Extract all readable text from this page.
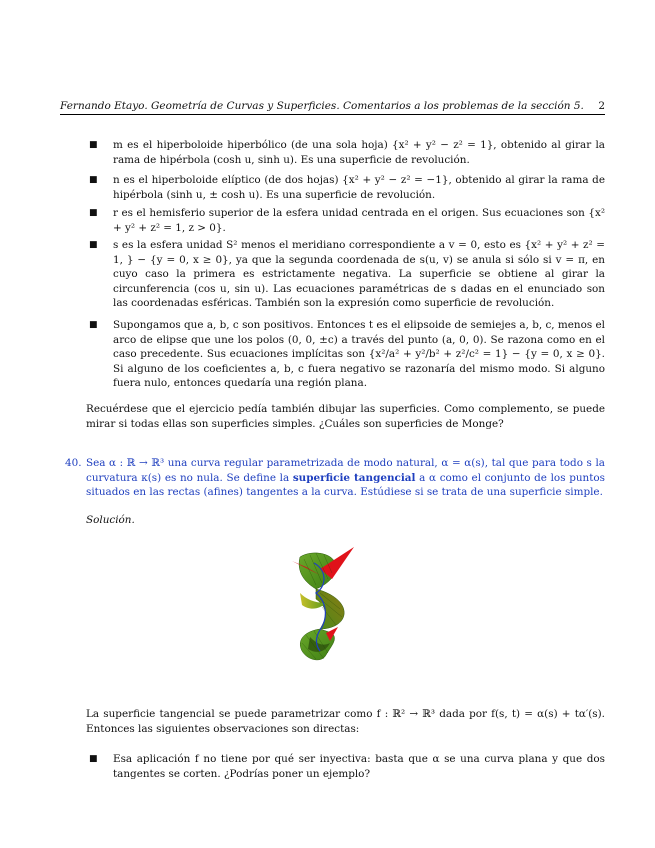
Fernando Etayo. Geometría de Curvas y Superficies. Comentarios a los problemas de la sección 5. 2
■ m es el hiperboloide hiperbólico (de una sola hoja) {x² + y² − z² = 1}, obtenido al girar la rama de hipérbola (cosh u, sinh u). Es una superficie de revolución.
■ n es el hiperboloide elíptico (de dos hojas) {x² + y² − z² = −1}, obtenido al girar la rama de hipérbola (sinh u, ± cosh u). Es una superficie de revolución.
■ r es el hemisferio superior de la esfera unidad centrada en el origen. Sus ecuaciones son {x² + y² + z² = 1, z > 0}.
■ s es la esfera unidad S² menos el meridiano correspondiente a v = 0, esto es {x² + y² + z² = 1, } − {y = 0, x ≥ 0}, ya que la segunda coordenada de s(u, v) se anula si sólo si v = π, en cuyo caso la primera es estrictamente negativa. La superficie se obtiene al girar la circunferencia (cos u, sin u). Las ecuaciones paramétricas de s dadas en el enunciado son las coordenadas esféricas. También son la expresión como superficie de revolución.
■ Supongamos que a, b, c son positivos. Entonces t es el elipsoide de semiejes a, b, c, menos el arco de elipse que une los polos (0, 0, ±c) a través del punto (a, 0, 0). Se razona como en el caso precedente. Sus ecuaciones implícitas son {x²/a² + y²/b² + z²/c² = 1} − {y = 0, x ≥ 0}. Si alguno de los coeficientes a, b, c fuera negativo se razonaría del mismo modo. Si alguno fuera nulo, entonces quedaría una región plana.
Recuérdese que el ejercicio pedía también dibujar las superficies. Como complemento, se puede mirar si todas ellas son superficies simples. ¿Cuáles son superficies de Monge?
40. Sea α : ℝ → ℝ³ una curva regular parametrizada de modo natural, α = α(s), tal que para todo s la curvatura κ(s) es no nula. Se define la superficie tangencial a α como el conjunto de los puntos situados en las rectas (afines) tangentes a la curva. Estúdiese si se trata de una superficie simple.
Solución.
La superficie tangencial se puede parametrizar como f : ℝ² → ℝ³ dada por f(s, t) = α(s) + tα′(s). Entonces las siguientes observaciones son directas:
■ Esa aplicación f no tiene por qué ser inyectiva: basta que α se una curva plana y que dos tangentes se corten. ¿Podrías poner un ejemplo?
